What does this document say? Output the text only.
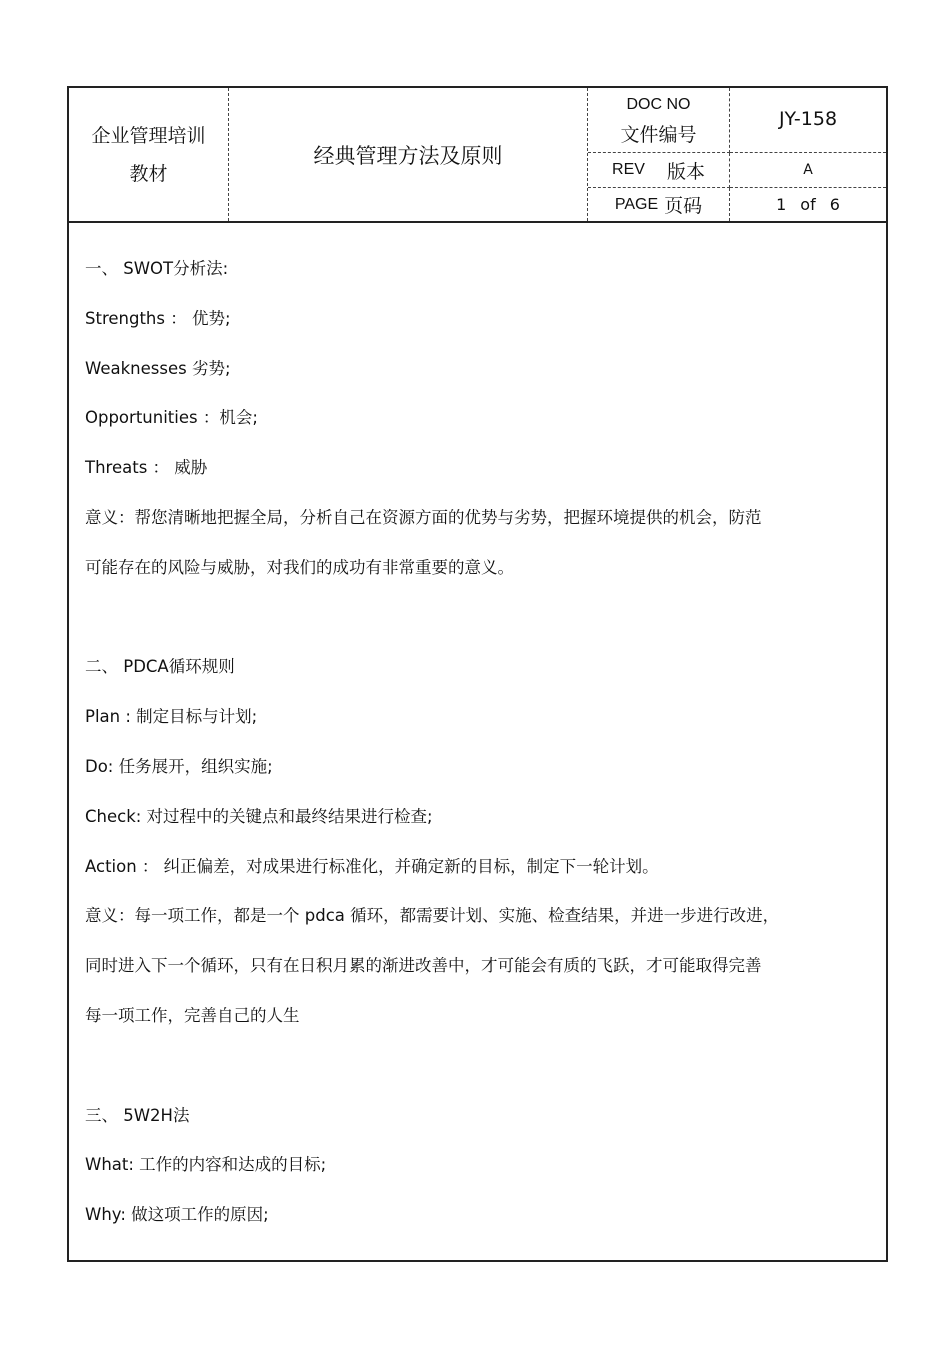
企业管理培训
教材
经典管理方法及原则
DOC NO
文件编号
JY-158
REV 版本	A
PAGE 页码	1 of 6
一、 SWOT分析法:
Strengths ： 优势;
Weaknesses 劣势;
Opportunities ：机会;
Threats ： 威胁
意义：帮您清晰地把握全局，分析自己在资源方面的优势与劣势，把握环境提供的机会，防范
可能存在的风险与威胁，对我们的成功有非常重要的意义。
二、 PDCA循环规则
Plan : 制定目标与计划;
Do: 任务展开，组织实施;
Check: 对过程中的关键点和最终结果进行检查;
Action ： 纠正偏差，对成果进行标准化，并确定新的目标，制定下一轮计划。
意义：每一项工作，都是一个 pdca 循环，都需要计划、实施、检查结果，并进一步进行改进，
同时进入下一个循环，只有在日积月累的渐进改善中，才可能会有质的飞跃，才可能取得完善
每一项工作，完善自己的人生
三、 5W2H法
What: 工作的内容和达成的目标;
Why: 做这项工作的原因;
